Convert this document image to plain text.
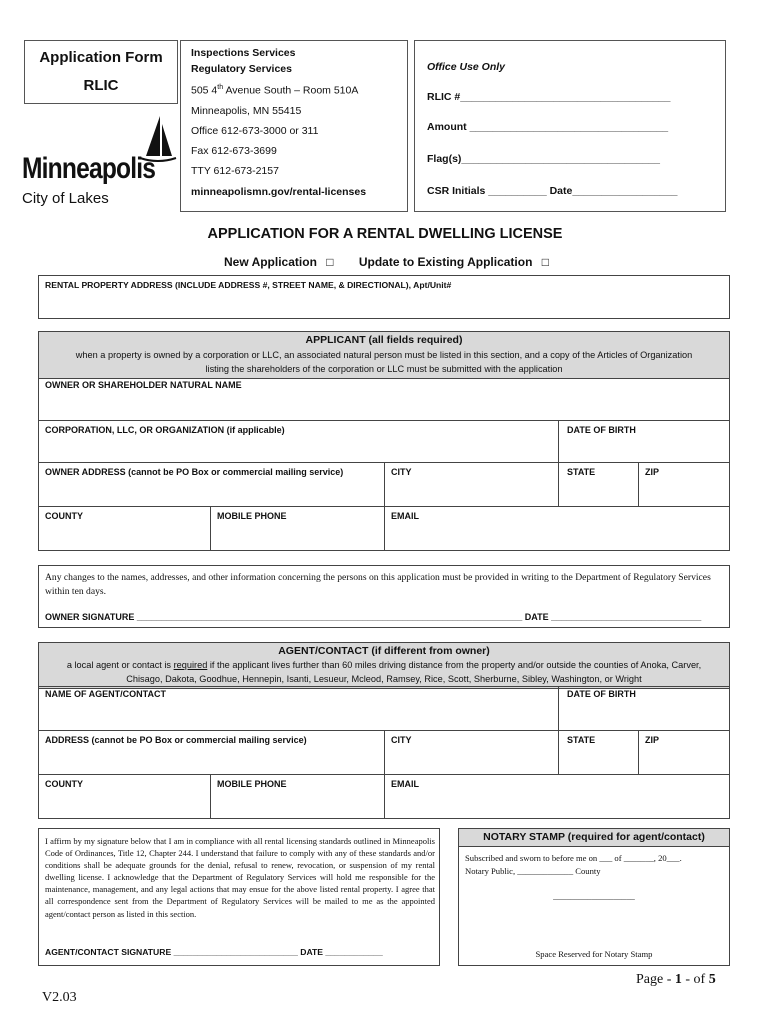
Application Form
RLIC
Inspections Services
Regulatory Services
505 4th Avenue South – Room 510A
Minneapolis, MN 55415
Office 612-673-3000 or 311
Fax 612-673-3699
TTY 612-673-2157
minneapolismn.gov/rental-licenses
Minneapolis
City of Lakes
Office Use Only
RLIC #____________________________________
Amount __________________________________
Flag(s)__________________________________
CSR Initials __________ Date__________________
APPLICATION FOR A RENTAL DWELLING LICENSE
New Application □ Update to Existing Application □
RENTAL PROPERTY ADDRESS (INCLUDE ADDRESS #, STREET NAME, & DIRECTIONAL), Apt/Unit#
APPLICANT (all fields required)
when a property is owned by a corporation or LLC, an associated natural person must be listed in this section, and a copy of the Articles of Organization listing the shareholders of the corporation or LLC must be submitted with the application
OWNER OR SHAREHOLDER NATURAL NAME
CORPORATION, LLC, OR ORGANIZATION (if applicable)	DATE OF BIRTH
OWNER ADDRESS (cannot be PO Box or commercial mailing service)	CITY	STATE	ZIP
COUNTY	MOBILE PHONE	EMAIL
Any changes to the names, addresses, and other information concerning the persons on this application must be provided in writing to the Department of Regulatory Services within ten days.
OWNER SIGNATURE _____________________________________________________________________________ DATE ______________________________
AGENT/CONTACT (if different from owner)
a local agent or contact is required if the applicant lives further than 60 miles driving distance from the property and/or outside the counties of Anoka, Carver, Chisago, Dakota, Goodhue, Hennepin, Isanti, Lesueur, Mcleod, Ramsey, Rice, Scott, Sherburne, Sibley, Washington, or Wright
NAME OF AGENT/CONTACT	DATE OF BIRTH
ADDRESS (cannot be PO Box or commercial mailing service)	CITY	STATE	ZIP
COUNTY	MOBILE PHONE	EMAIL
I affirm by my signature below that I am in compliance with all rental licensing standards outlined in Minneapolis Code of Ordinances, Title 12, Chapter 244. I understand that failure to comply with any of these standards and/or conditions shall be adequate grounds for the denial, refusal to renew, revocation, or suspension of my rental dwelling license. I acknowledge that the Department of Regulatory Services will hold me responsible for the maintenance, management, and any legal actions that may ensue for the above listed rental property. I agree that all correspondence sent from the Department of Regulatory Services will be mailed to me as the appointed agent/contact person as listed in this section.
AGENT/CONTACT SIGNATURE __________________________ DATE ____________
NOTARY STAMP (required for agent/contact)
Subscribed and sworn to before me on ___ of _______, 20___.
Notary Public, _____________ County
___________________
Space Reserved for Notary Stamp
Page - 1 - of 5
V2.03
